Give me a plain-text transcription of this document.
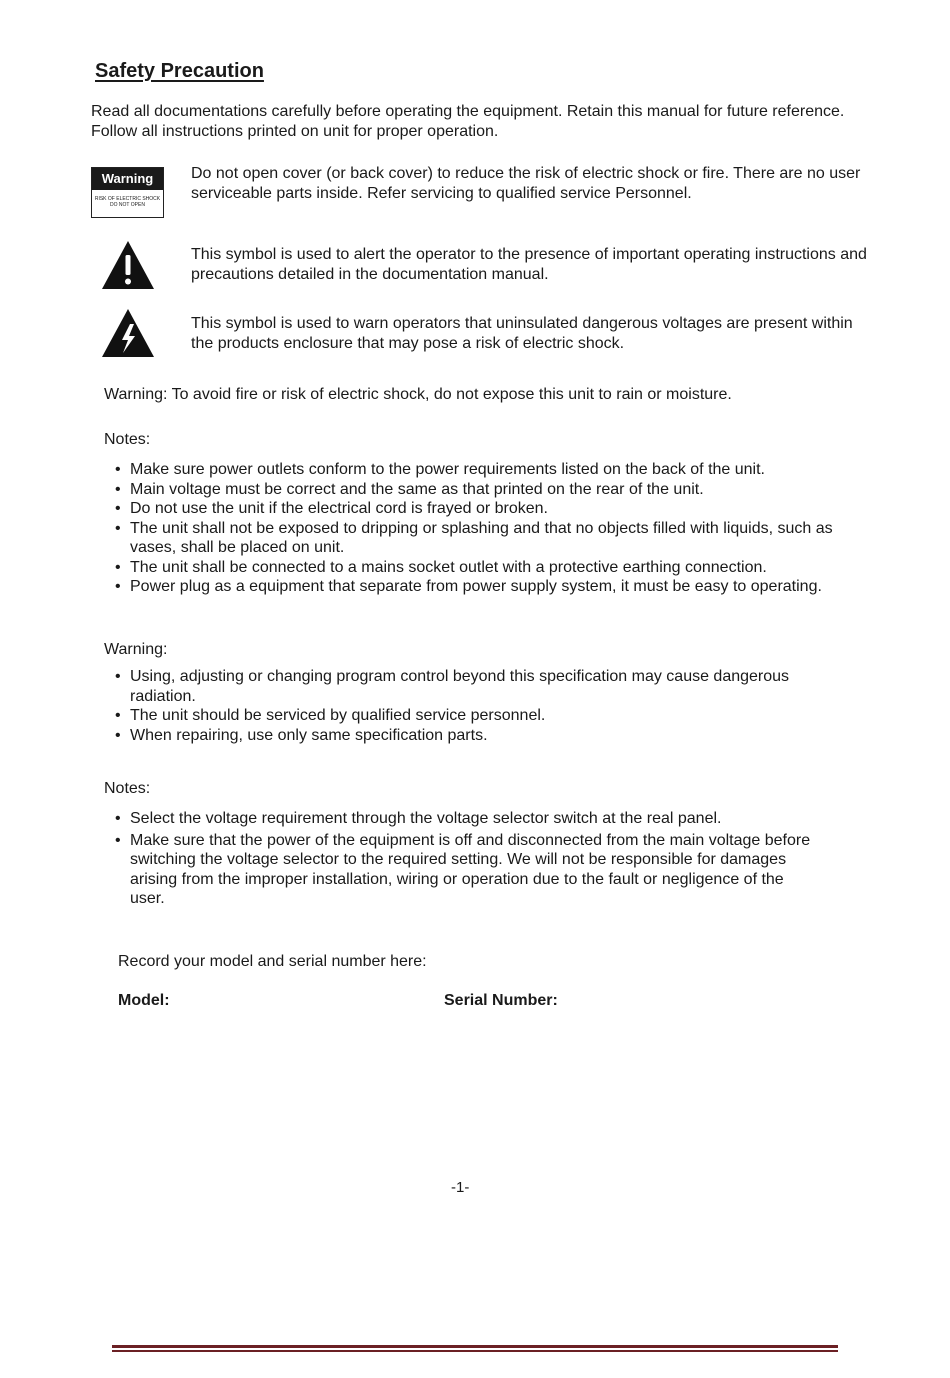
Safety Precaution
Read all documentations carefully before operating the equipment. Retain this manual for future reference. Follow all instructions printed on unit for proper operation.
Warning
RISK OF ELECTRIC SHOCK
DO NOT OPEN
Do not open cover (or back cover) to reduce the risk of electric shock or fire. There are no user serviceable parts inside. Refer servicing to qualified service Personnel.
This symbol is used to alert the operator to the presence of important operating instructions and precautions detailed in the documentation manual.
This symbol is used to warn operators that uninsulated dangerous voltages are present within the products enclosure that may pose a risk of electric shock.
Warning: To avoid fire or risk of electric shock, do not expose this unit to rain or moisture.
Notes:
• Make sure power outlets conform to the power requirements listed on the back of the unit.
• Main voltage must be correct and the same as that printed on the rear of the unit.
• Do not use the unit if the electrical cord is frayed or broken.
• The unit shall not be exposed to dripping or splashing and that no objects filled with liquids, such as vases, shall be placed on unit.
• The unit shall be connected to a mains socket outlet with a protective earthing connection.
• Power plug as a equipment that separate from power supply system, it must be easy to operating.
Warning:
• Using, adjusting or changing program control beyond this specification may cause dangerous radiation.
• The unit should be serviced by qualified service personnel.
• When repairing, use only same specification parts.
Notes:
• Select the voltage requirement through the voltage selector switch at the real panel.
• Make sure that the power of the equipment is off and disconnected from the main voltage before switching the voltage selector to the required setting. We will not be responsible for damages arising from the improper installation, wiring or operation due to the fault or negligence of the user.
Record your model and serial number here:
Model:	Serial Number:
-1-
